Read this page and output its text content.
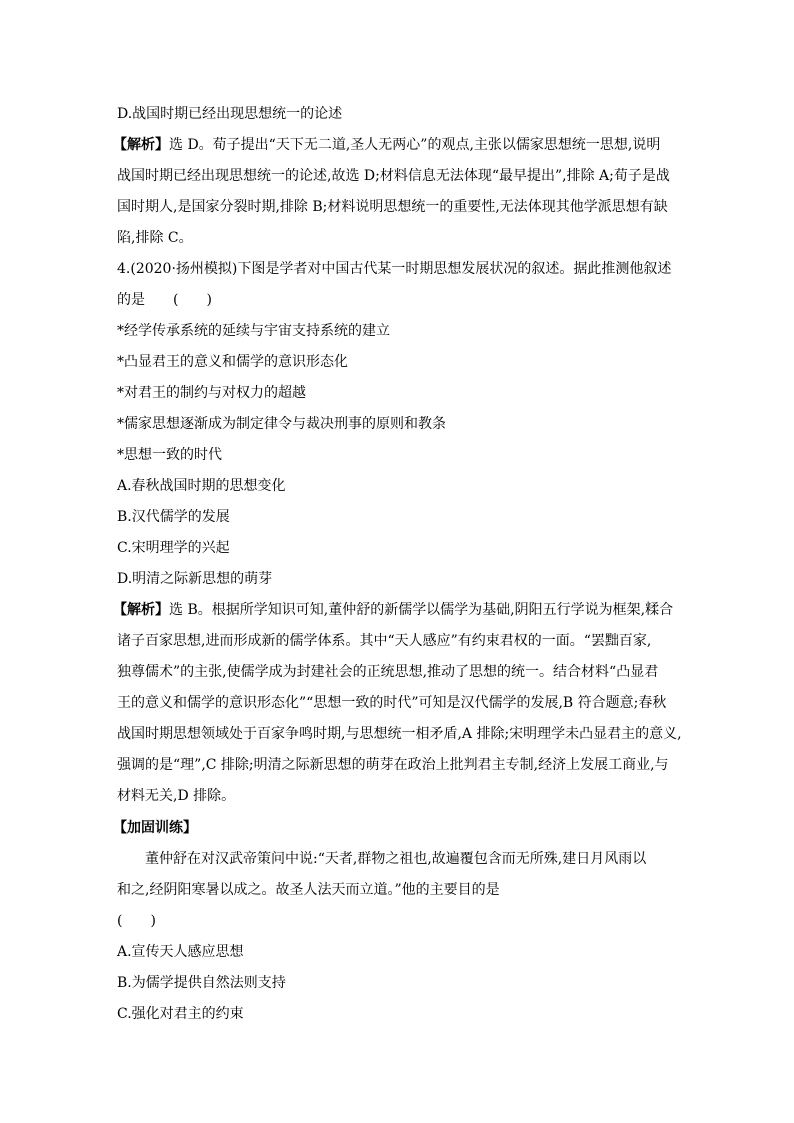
D.战国时期已经出现思想统一的论述
【解析】选 D。荀子提出“天下无二道,圣人无两心”的观点,主张以儒家思想统一思想,说明
战国时期已经出现思想统一的论述,故选 D;材料信息无法体现“最早提出”,排除 A;荀子是战
国时期人,是国家分裂时期,排除 B;材料说明思想统一的重要性,无法体现其他学派思想有缺
陷,排除 C。
4.(2020·扬州模拟)下图是学者对中国古代某一时期思想发展状况的叙述。据此推测他叙述
的是　　(　　)
*经学传承系统的延续与宇宙支持系统的建立
*凸显君王的意义和儒学的意识形态化
*对君王的制约与对权力的超越
*儒家思想逐渐成为制定律令与裁决刑事的原则和教条
*思想一致的时代
A.春秋战国时期的思想变化
B.汉代儒学的发展
C.宋明理学的兴起
D.明清之际新思想的萌芽
【解析】选 B。根据所学知识可知,董仲舒的新儒学以儒学为基础,阴阳五行学说为框架,糅合
诸子百家思想,进而形成新的儒学体系。其中“天人感应”有约束君权的一面。“罢黜百家,
独尊儒术”的主张,使儒学成为封建社会的正统思想,推动了思想的统一。结合材料“凸显君
王的意义和儒学的意识形态化”“思想一致的时代”可知是汉代儒学的发展,B 符合题意;春秋
战国时期思想领域处于百家争鸣时期,与思想统一相矛盾,A 排除;宋明理学未凸显君主的意义,
强调的是“理”,C 排除;明清之际新思想的萌芽在政治上批判君主专制,经济上发展工商业,与
材料无关,D 排除。
【加固训练】
董仲舒在对汉武帝策问中说:“天者,群物之祖也,故遍覆包含而无所殊,建日月风雨以
和之,经阴阳寒暑以成之。故圣人法天而立道。”他的主要目的是
(　　)
A.宣传天人感应思想
B.为儒学提供自然法则支持
C.强化对君主的约束
